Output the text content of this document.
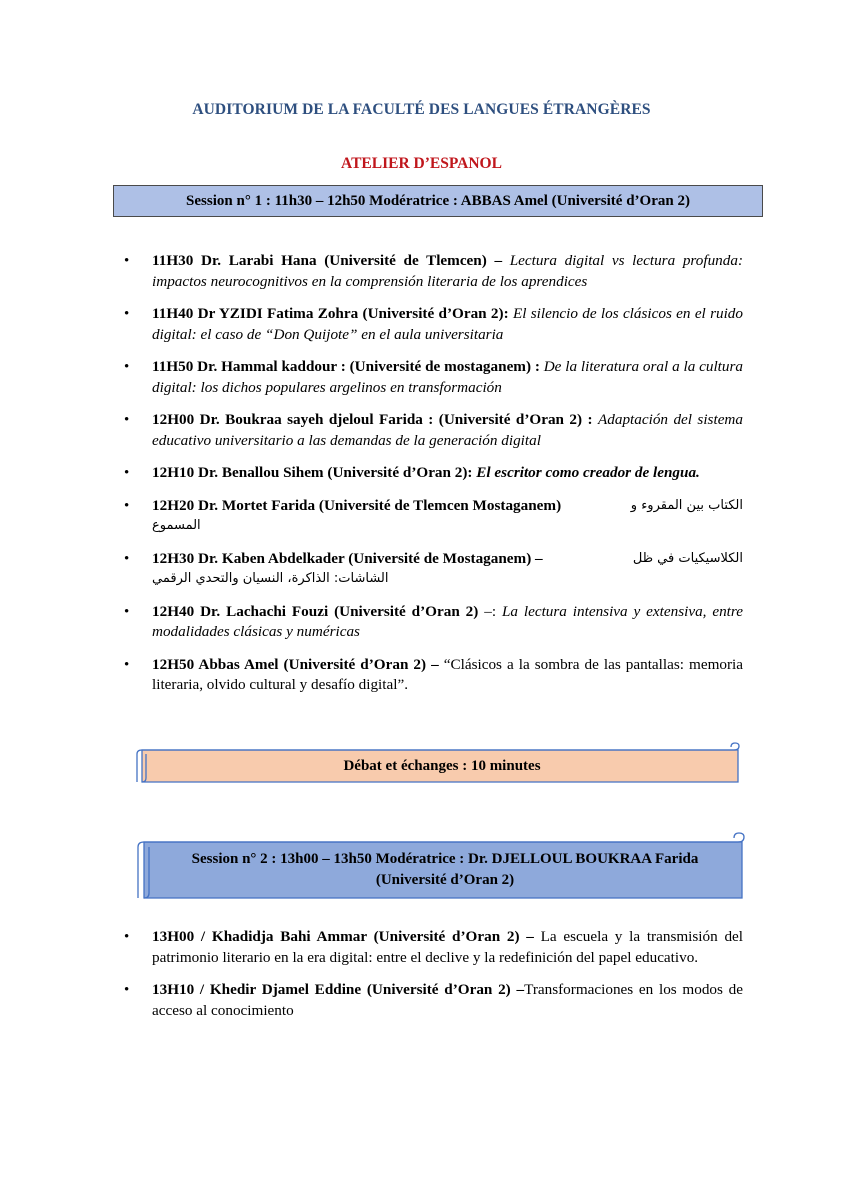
AUDITORIUM DE LA FACULTÉ DES LANGUES ÉTRANGÈRES
ATELIER D’ESPANOL
Session n° 1 : 11h30 – 12h50 Modératrice : ABBAS Amel (Université d’Oran 2)
• 11H30 Dr. Larabi Hana (Université de Tlemcen) – Lectura digital vs lectura profunda: impactos neurocognitivos en la comprensión literaria de los aprendices
• 11H40 Dr YZIDI Fatima Zohra (Université d’Oran 2): El silencio de los clásicos en el ruido digital: el caso de “Don Quijote” en el aula universitaria
• 11H50 Dr. Hammal kaddour : (Université de mostaganem) : De la literatura oral a la cultura digital: los dichos populares argelinos en transformación
• 12H00 Dr. Boukraa sayeh djeloul Farida : (Université d’Oran 2) : Adaptación del sistema educativo universitario a las demandas de la generación digital
• 12H10 Dr. Benallou Sihem (Université d’Oran 2): El escritor como creador de lengua.
• 12H20 Dr. Mortet Farida (Université de Tlemcen Mostaganem)	الكتاب بين المقروء و
المسموع
• 12H30 Dr. Kaben Abdelkader (Université de Mostaganem) –	الكلاسيكيات في ظل
الشاشات: الذاكرة، النسيان والتحدي الرقمي
• 12H40 Dr. Lachachi Fouzi (Université d’Oran 2) –: La lectura intensiva y extensiva, entre modalidades clásicas y numéricas
• 12H50 Abbas Amel (Université d’Oran 2) – “Clásicos a la sombra de las pantallas: memoria literaria, olvido cultural y desafío digital”.
Débat et échanges : 10 minutes
Session n° 2 : 13h00 – 13h50 Modératrice : Dr. DJELLOUL BOUKRAA Farida
(Université d’Oran 2)
• 13H00 / Khadidja Bahi Ammar (Université d’Oran 2) – La escuela y la transmisión del patrimonio literario en la era digital: entre el declive y la redefinición del papel educativo.
• 13H10 / Khedir Djamel Eddine (Université d’Oran 2) –Transformaciones en los modos de acceso al conocimiento
